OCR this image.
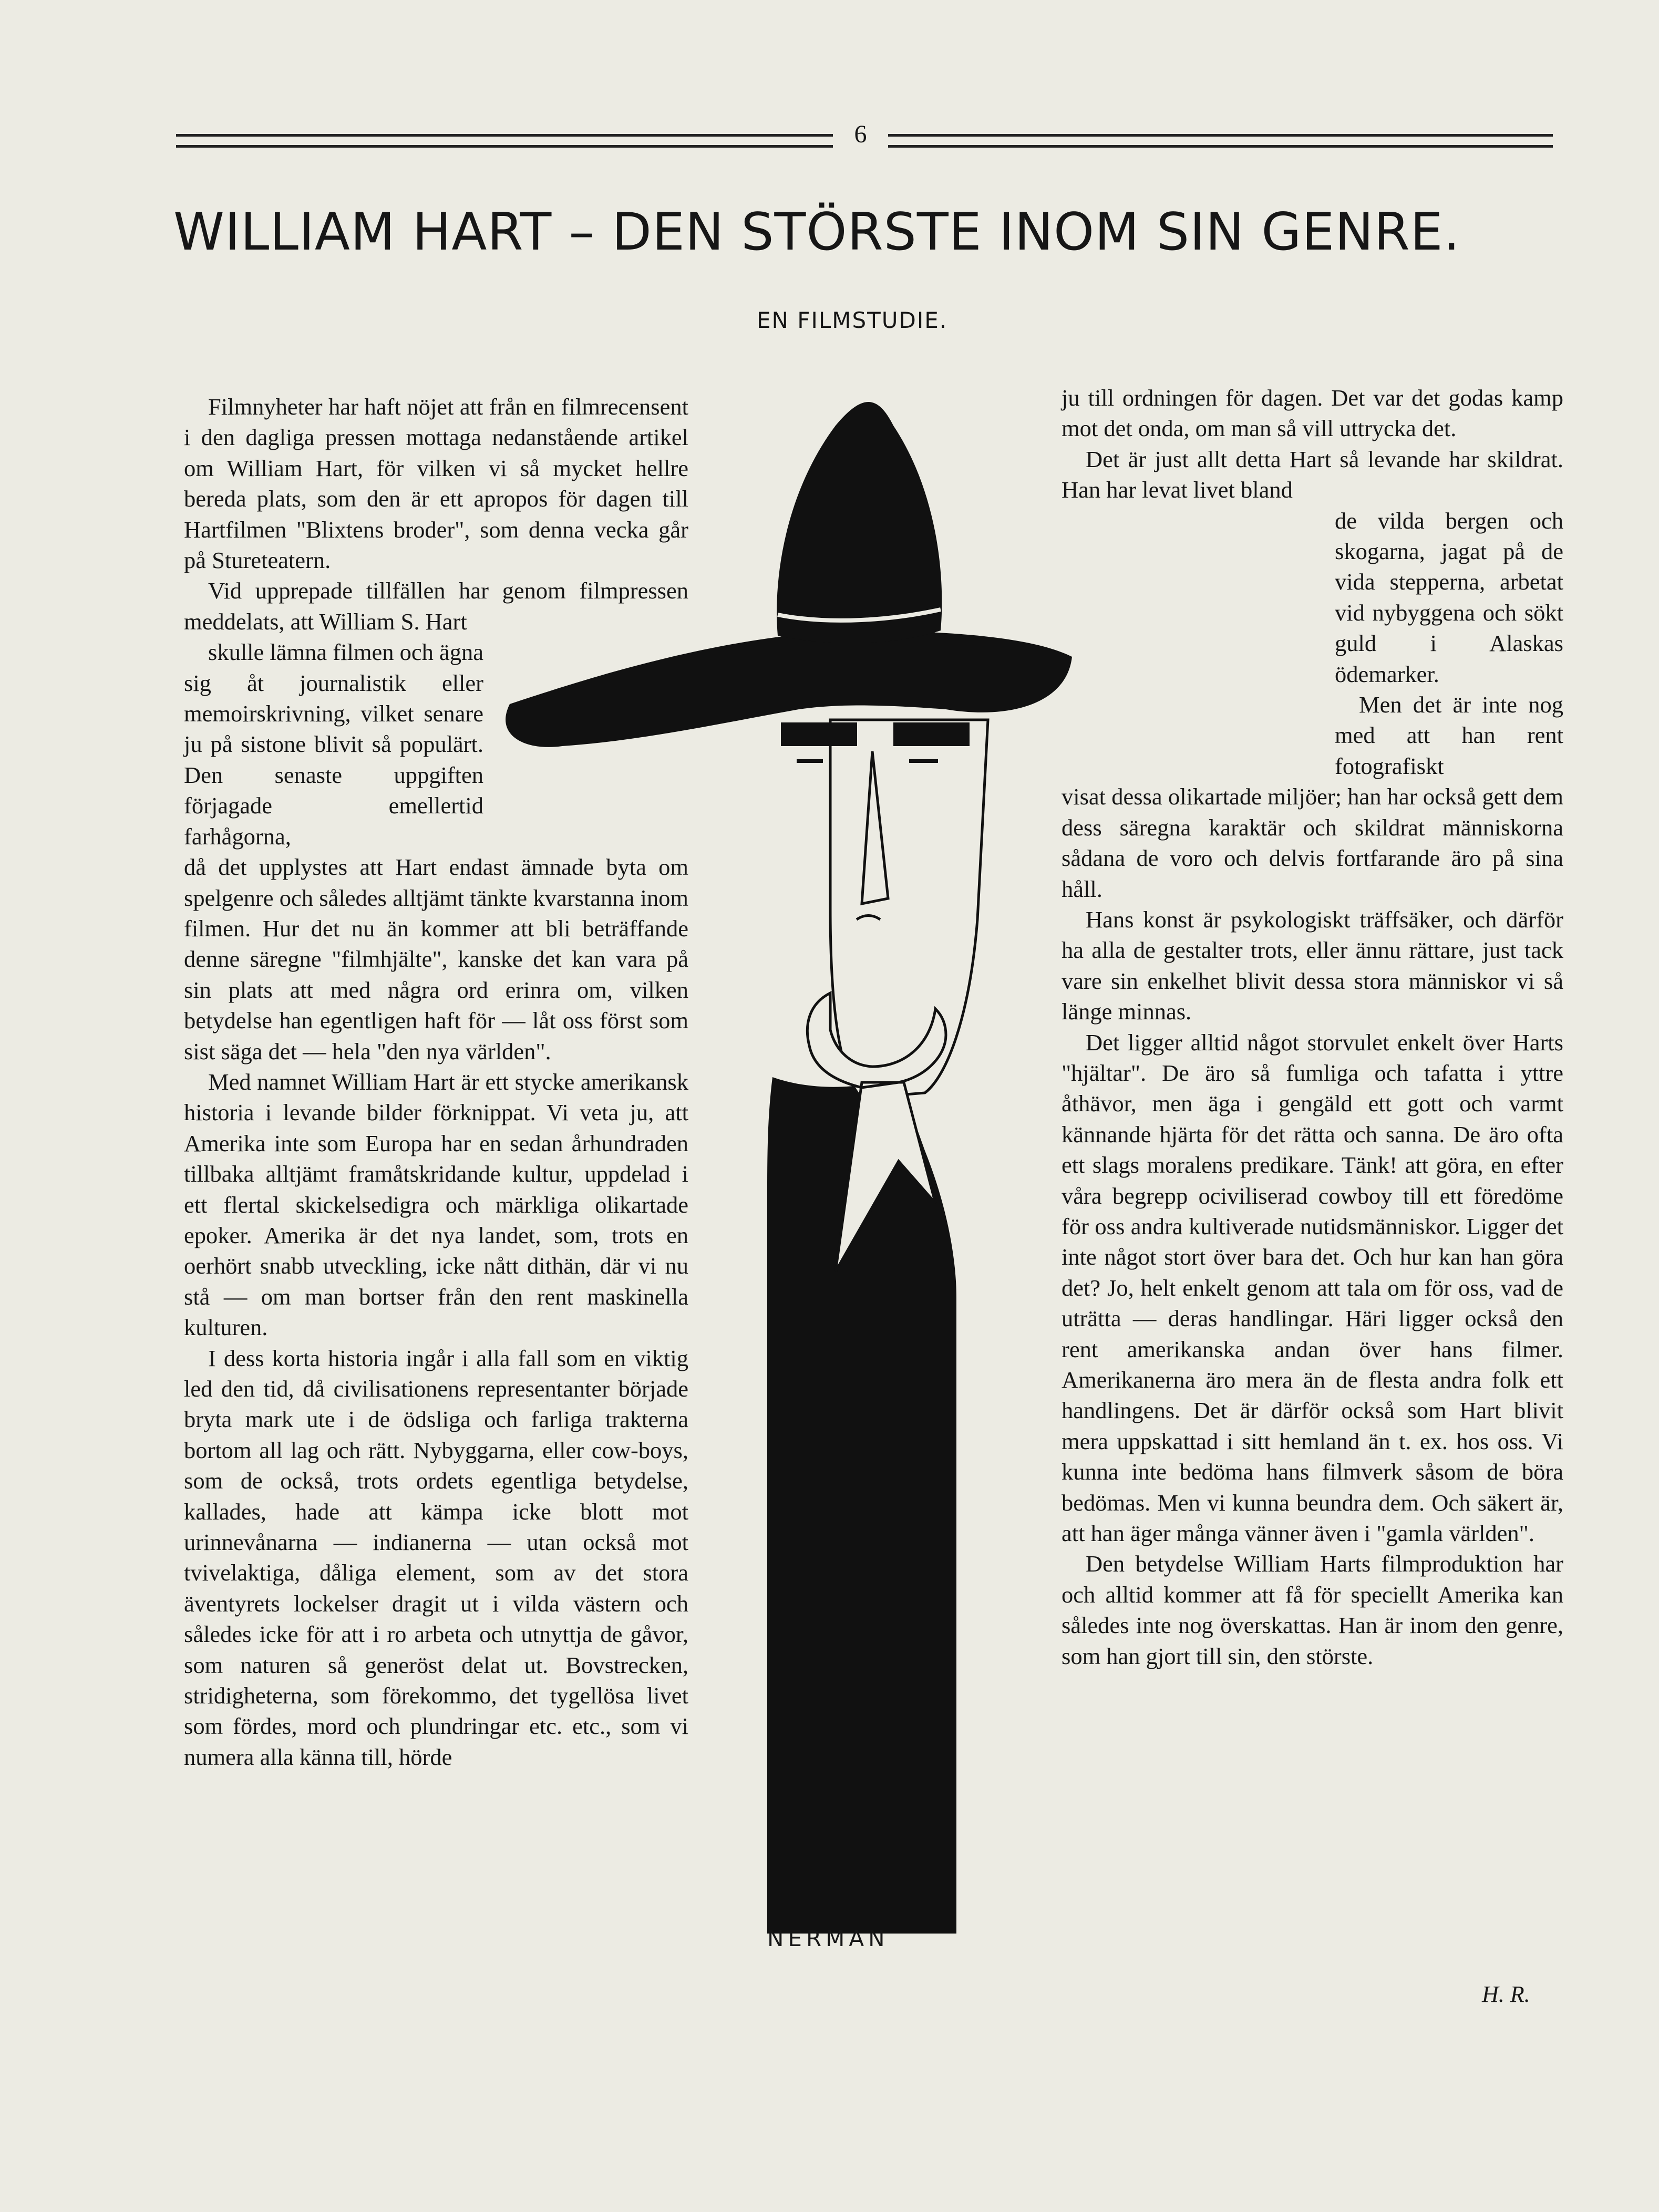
6
WILLIAM HART – DEN STÖRSTE INOM SIN GENRE.
EN FILMSTUDIE.

Filmnyheter har haft nöjet att från en filmrecensent i den dagliga pressen mottaga nedanstående artikel om William Hart, för vilken vi så mycket hellre bereda plats, som den är ett apropos för dagen till Hartfilmen "Blixtens broder", som denna vecka går på Stureteatern.

Vid upprepade tillfällen har genom filmpressen meddelats, att William S. Hart

skulle lämna filmen och ägna sig åt journalistik eller memoirskrivning, vilket senare ju på sistone blivit så populärt. Den senaste uppgiften förjagade emellertid farhågorna,

då det upplystes att Hart endast ämnade byta om spelgenre och således alltjämt tänkte kvarstanna inom filmen. Hur det nu än kommer att bli beträffande denne säregne "filmhjälte", kanske det kan vara på sin plats att med några ord erinra om, vilken betydelse han egentligen haft för — låt oss först som sist säga det — hela "den nya världen".

Med namnet William Hart är ett stycke amerikansk historia i levande bilder förknippat. Vi veta ju, att Amerika inte som Europa har en sedan århundraden tillbaka alltjämt framåtskridande kultur, uppdelad i ett flertal skickelsedigra och märkliga olikartade epoker. Amerika är det nya landet, som, trots en oerhört snabb utveckling, icke nått dithän, där vi nu stå — om man bortser från den rent maskinella kulturen.

I dess korta historia ingår i alla fall som en viktig led den tid, då civilisationens representanter började bryta mark ute i de ödsliga och farliga trakterna bortom all lag och rätt. Nybyggarna, eller cow-boys, som de också, trots ordets egentliga betydelse, kallades, hade att kämpa icke blott mot urinnevånarna — indianerna — utan också mot tvivelaktiga, dåliga element, som av det stora äventyrets lockelser dragit ut i vilda västern och således icke för att i ro arbeta och utnyttja de gåvor, som naturen så generöst delat ut. Bovstrecken, stridigheterna, som förekommo, det tygellösa livet som fördes, mord och plundringar etc. etc., som vi numera alla känna till, hörde

ju till ordningen för dagen. Det var det godas kamp mot det onda, om man så vill uttrycka det.

Det är just allt detta Hart så levande har skildrat. Han har levat livet bland

de vilda bergen och skogarna, jagat på de vida stepperna, arbetat vid nybyggena och sökt guld i Alaskas ödemarker.

Men det är inte nog med att han rent fotografiskt

visat dessa olikartade miljöer; han har också gett dem dess säregna karaktär och skildrat människorna sådana de voro och delvis fortfarande äro på sina håll.

Hans konst är psykologiskt träffsäker, och därför ha alla de gestalter trots, eller ännu rättare, just tack vare sin enkelhet blivit dessa stora människor vi så länge minnas.

Det ligger alltid något storvulet enkelt över Harts "hjältar". De äro så fumliga och tafatta i yttre åthävor, men äga i gengäld ett gott och varmt kännande hjärta för det rätta och sanna. De äro ofta ett slags moralens predikare. Tänk! att göra, en efter våra begrepp ociviliserad cowboy till ett föredöme för oss andra kultiverade nutidsmänniskor. Ligger det inte något stort över bara det. Och hur kan han göra det? Jo, helt enkelt genom att tala om för oss, vad de uträtta — deras handlingar. Häri ligger också den rent amerikanska andan över hans filmer. Amerikanerna äro mera än de flesta andra folk ett handlingens. Det är därför också som Hart blivit mera uppskattad i sitt hemland än t. ex. hos oss. Vi kunna inte bedöma hans filmverk såsom de böra bedömas. Men vi kunna beundra dem. Och säkert är, att han äger många vänner även i "gamla världen".

Den betydelse William Harts filmproduktion har och alltid kommer att få för speciellt Amerika kan således inte nog överskattas. Han är inom den genre, som han gjort till sin, den störste.

H. R.
NERMAN
